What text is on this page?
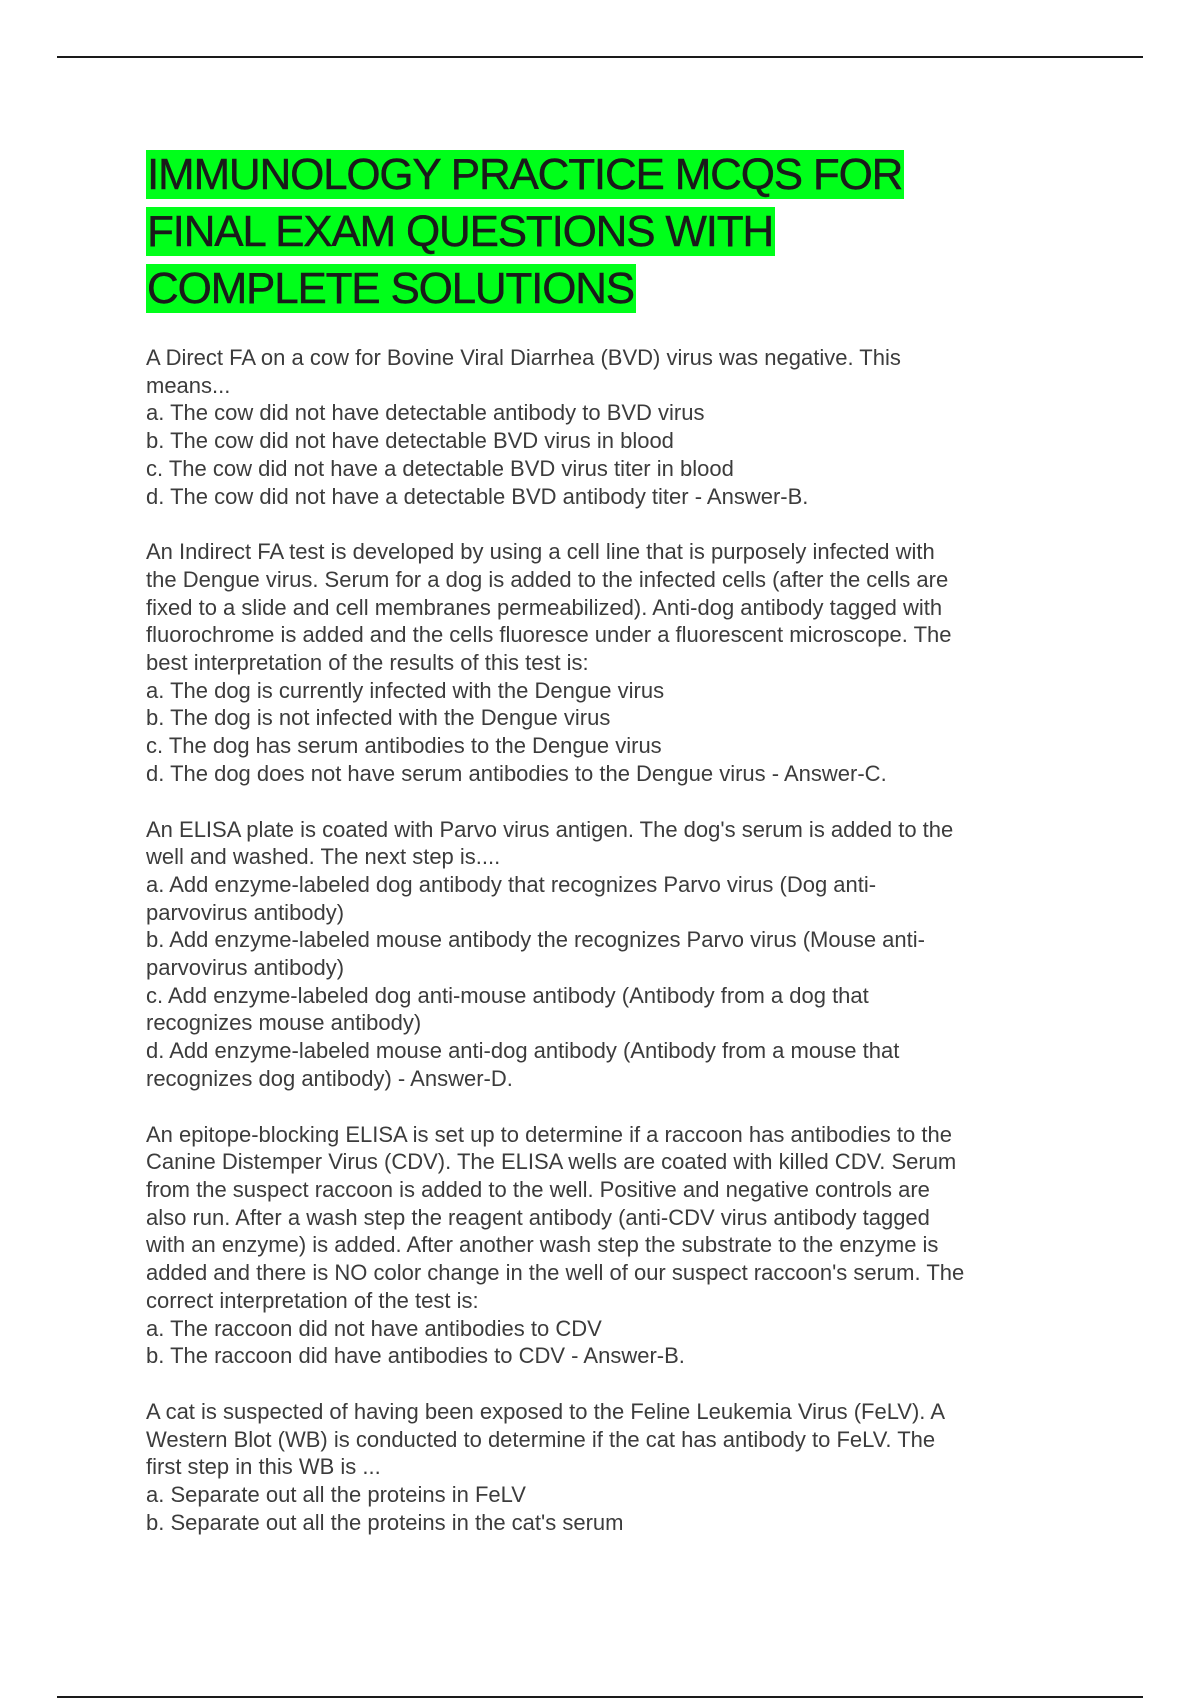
IMMUNOLOGY PRACTICE MCQS FOR
FINAL EXAM QUESTIONS WITH
COMPLETE SOLUTIONS
A Direct FA on a cow for Bovine Viral Diarrhea (BVD) virus was negative. This
means...
a. The cow did not have detectable antibody to BVD virus
b. The cow did not have detectable BVD virus in blood
c. The cow did not have a detectable BVD virus titer in blood
d. The cow did not have a detectable BVD antibody titer - Answer-B.
An Indirect FA test is developed by using a cell line that is purposely infected with
the Dengue virus. Serum for a dog is added to the infected cells (after the cells are
fixed to a slide and cell membranes permeabilized). Anti-dog antibody tagged with
fluorochrome is added and the cells fluoresce under a fluorescent microscope. The
best interpretation of the results of this test is:
a. The dog is currently infected with the Dengue virus
b. The dog is not infected with the Dengue virus
c. The dog has serum antibodies to the Dengue virus
d. The dog does not have serum antibodies to the Dengue virus - Answer-C.
An ELISA plate is coated with Parvo virus antigen. The dog's serum is added to the
well and washed. The next step is....
a. Add enzyme-labeled dog antibody that recognizes Parvo virus (Dog anti-
parvovirus antibody)
b. Add enzyme-labeled mouse antibody the recognizes Parvo virus (Mouse anti-
parvovirus antibody)
c. Add enzyme-labeled dog anti-mouse antibody (Antibody from a dog that
recognizes mouse antibody)
d. Add enzyme-labeled mouse anti-dog antibody (Antibody from a mouse that
recognizes dog antibody) - Answer-D.
An epitope-blocking ELISA is set up to determine if a raccoon has antibodies to the
Canine Distemper Virus (CDV). The ELISA wells are coated with killed CDV. Serum
from the suspect raccoon is added to the well. Positive and negative controls are
also run. After a wash step the reagent antibody (anti-CDV virus antibody tagged
with an enzyme) is added. After another wash step the substrate to the enzyme is
added and there is NO color change in the well of our suspect raccoon's serum. The
correct interpretation of the test is:
a. The raccoon did not have antibodies to CDV
b. The raccoon did have antibodies to CDV - Answer-B.
A cat is suspected of having been exposed to the Feline Leukemia Virus (FeLV). A
Western Blot (WB) is conducted to determine if the cat has antibody to FeLV. The
first step in this WB is ...
a. Separate out all the proteins in FeLV
b. Separate out all the proteins in the cat's serum
